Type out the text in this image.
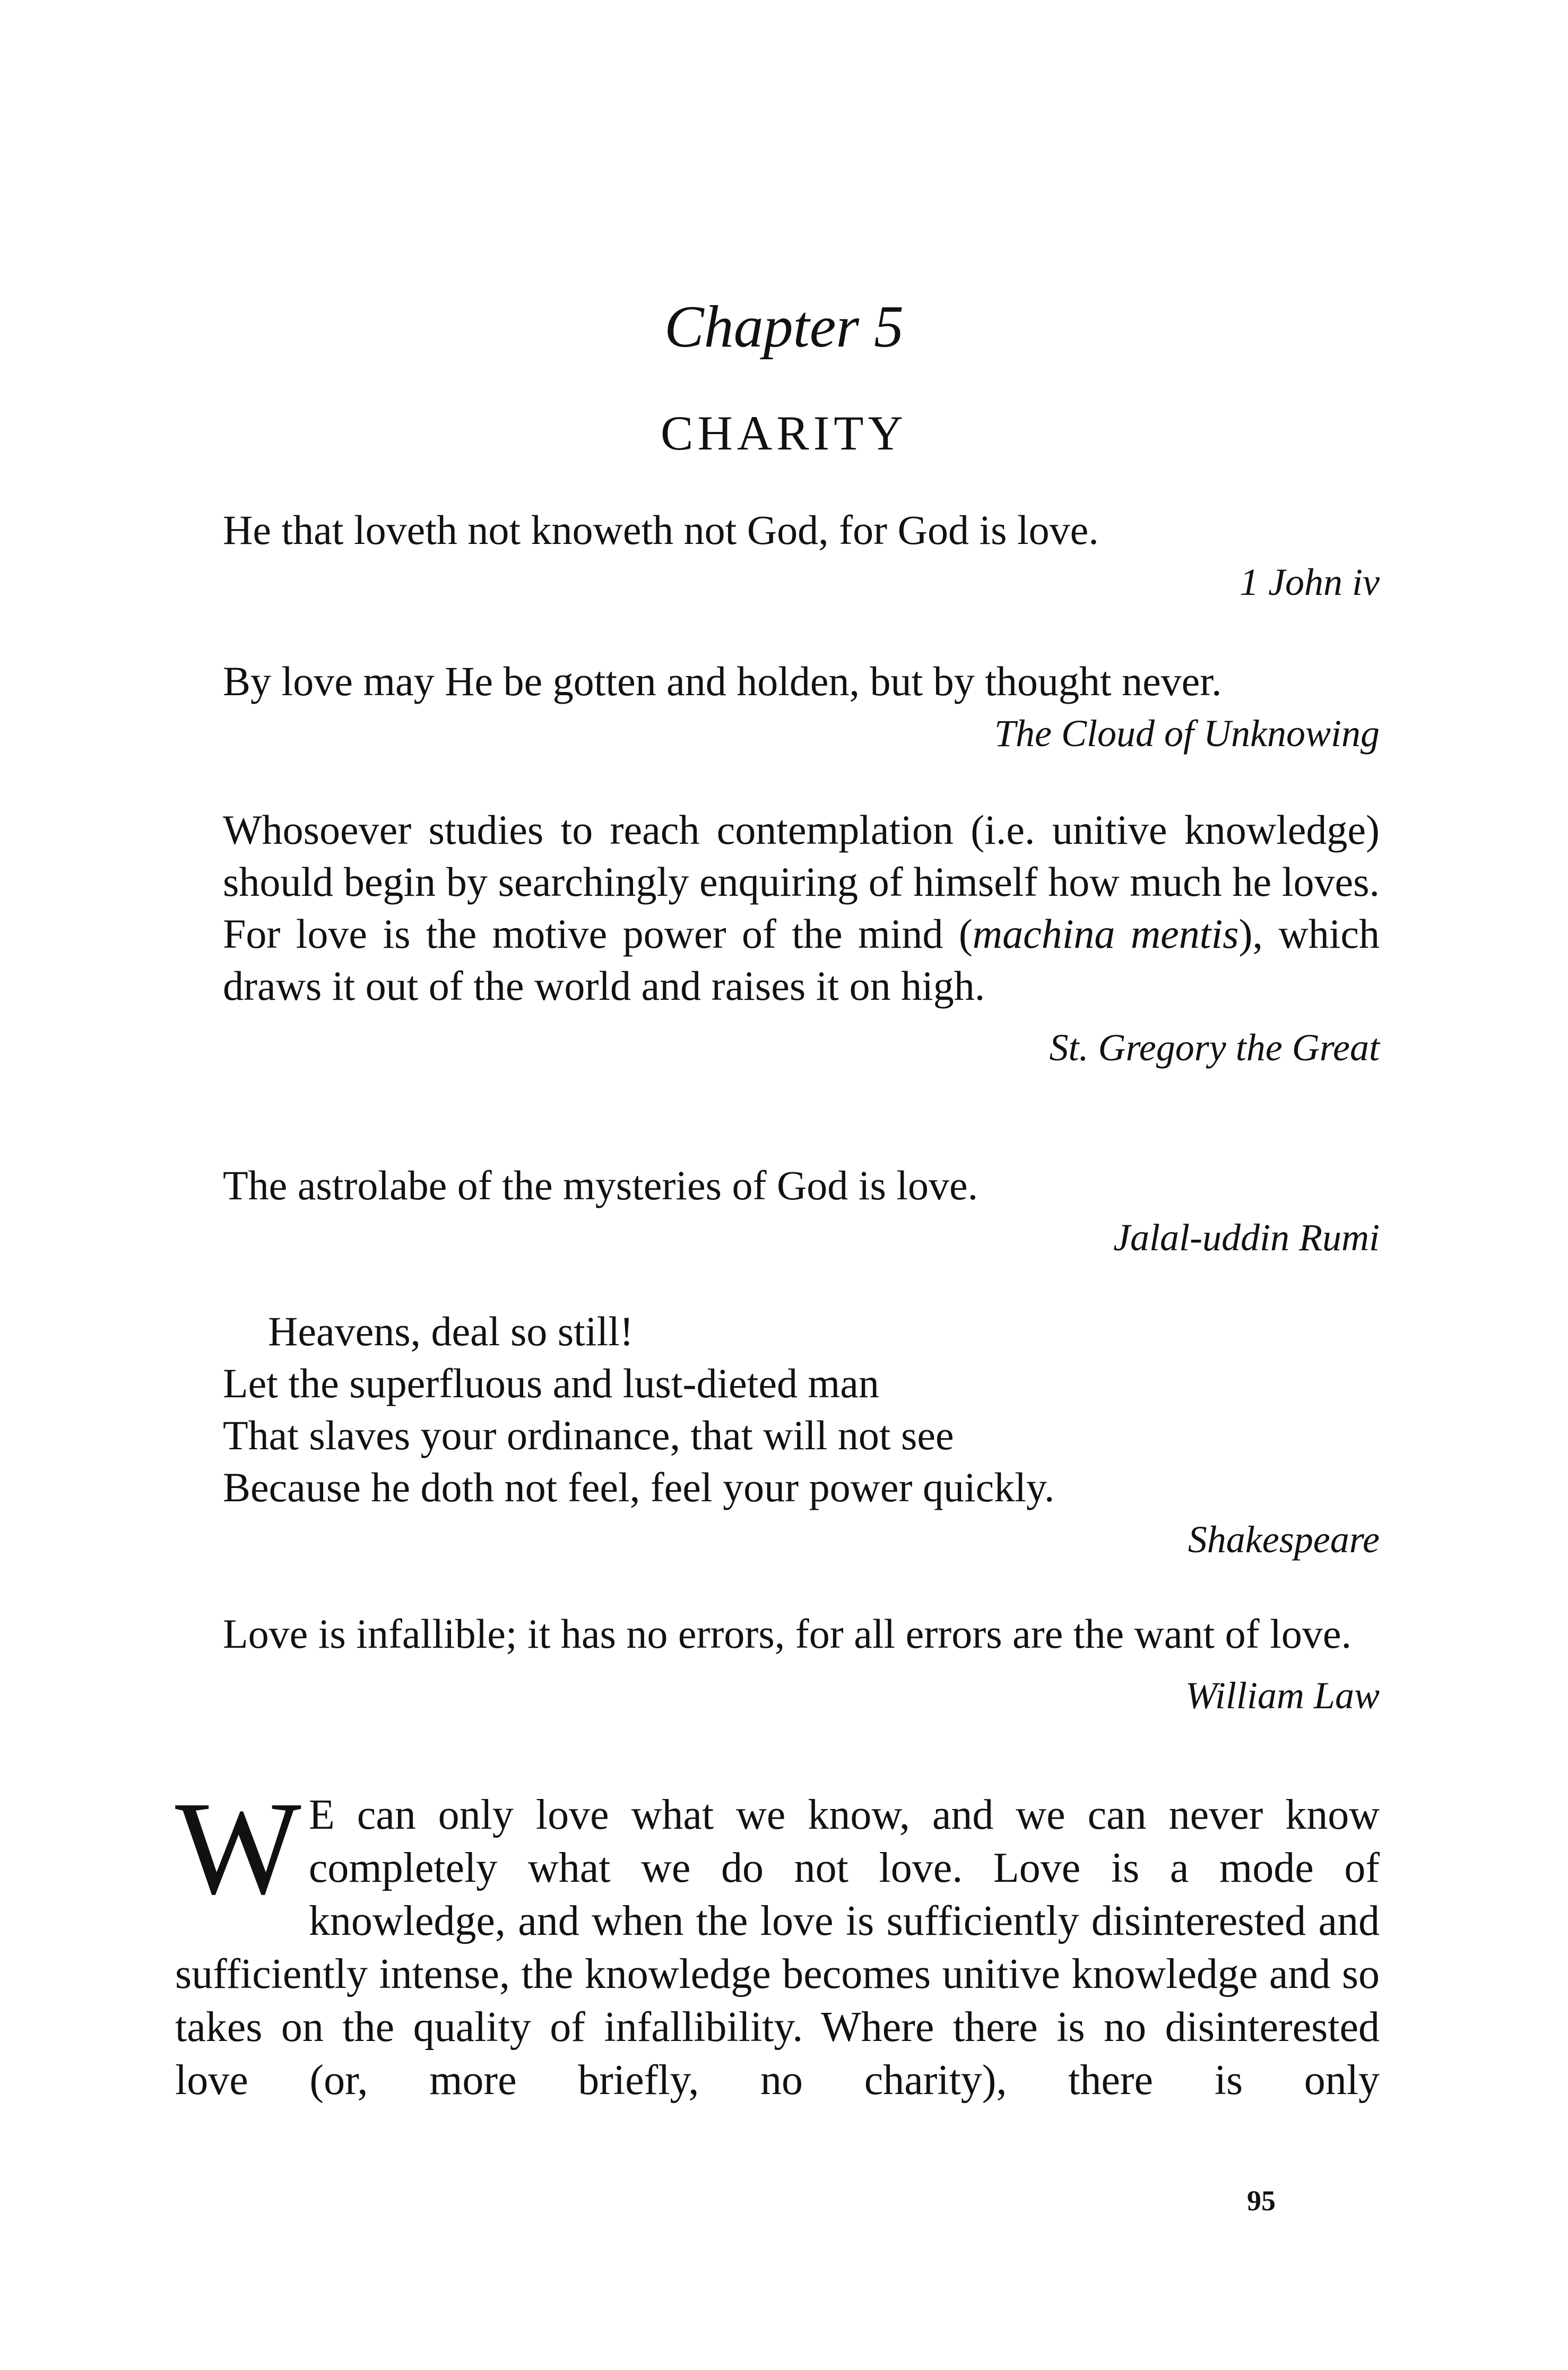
Chapter 5
CHARITY

He that loveth not knoweth not God, for God is love.

1 John iv

By love may He be gotten and holden, but by thought never.

The Cloud of Unknowing

Whosoever studies to reach contemplation (i.e. unitive knowledge) should begin by searchingly enquiring of himself how much he loves. For love is the motive power of the mind (machina mentis), which draws it out of the world and raises it on high.

St. Gregory the Great

The astrolabe of the mysteries of God is love.

Jalal-uddin Rumi

Heavens, deal so still!

Let the superfluous and lust-dieted man

That slaves your ordinance, that will not see

Because he doth not feel, feel your power quickly.

Shakespeare

Love is infallible; it has no errors, for all errors are the want of love.

William Law

W E can only love what we know, and we can never know completely what we do not love. Love is a mode of knowledge, and when the love is sufficiently disinterested and sufficiently intense, the knowledge becomes unitive knowledge and so takes on the quality of infallibility. Where there is no disinterested love (or, more briefly, no charity), there is only

95
